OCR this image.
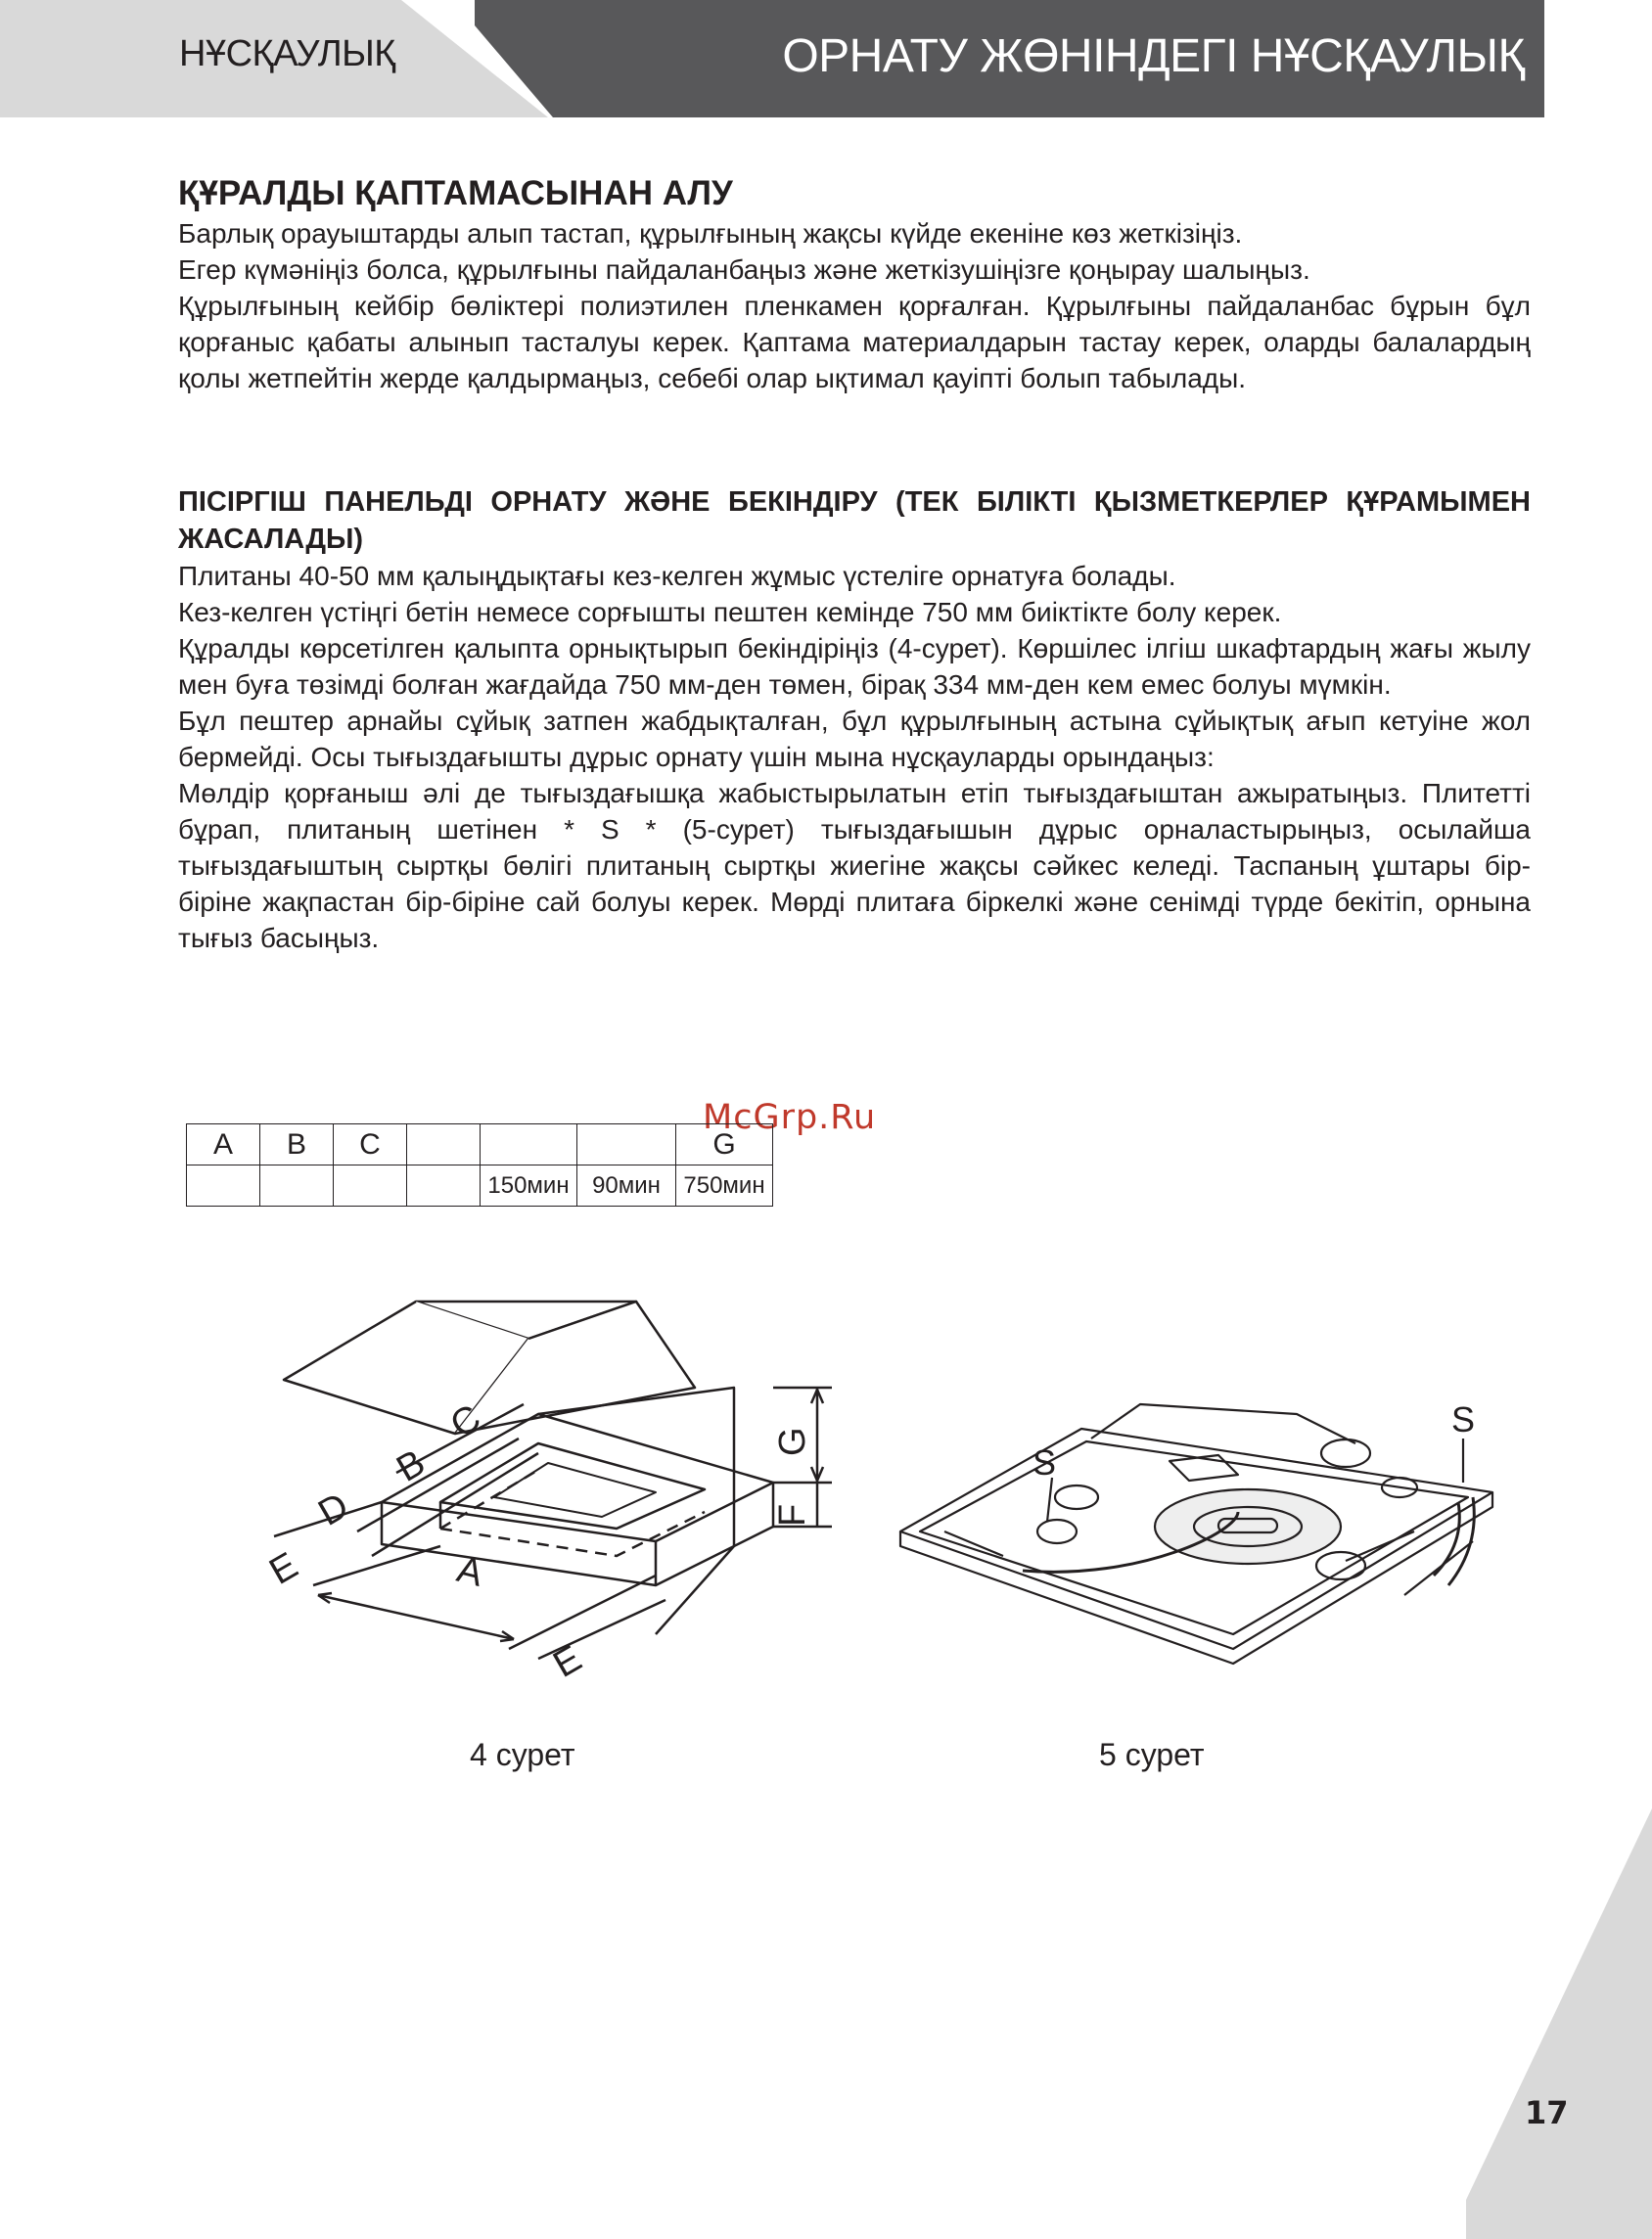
НҰСҚАУЛЫҚ	ОРНАТУ ЖӨНІНДЕГІ НҰСҚАУЛЫҚ

ҚҰРАЛДЫ ҚАПТАМАСЫНАН АЛУ

Барлық орауыштарды алып тастап, құрылғының жақсы күйде екеніне көз жеткізіңіз.

Егер күмәніңіз болса, құрылғыны пайдаланбаңыз және жеткізушіңізге қоңырау шалыңыз.

Құрылғының кейбір бөліктері полиэтилен пленкамен қорғалған. Құрылғыны пайдаланбас бұрын бұл қорғаныс қабаты алынып тасталуы керек. Қаптама материалдарын тастау керек, оларды балалардың қолы жетпейтін жерде қалдырмаңыз, себебі олар ықтимал қауіпті болып табылады.

ПІСІРГІШ ПАНЕЛЬДІ ОРНАТУ ЖӘНЕ БЕКІНДІРУ (ТЕК БІЛІКТІ ҚЫЗМЕТКЕРЛЕР ҚҰРАМЫМЕН ЖАСАЛАДЫ)

Плитаны 40-50 мм қалыңдықтағы кез-келген жұмыс үстеліге орнатуға болады.

Кез-келген үстіңгі бетін немесе сорғышты пештен кемінде 750 мм биіктікте болу керек.

Құралды көрсетілген қалыпта орнықтырып бекіндіріңіз (4-сурет). Көршілес ілгіш шкафтардың жағы жылу мен буға төзімді болған жағдайда 750 мм-ден төмен, бірақ 334 мм-ден кем емес болуы мүмкін.

Бұл пештер арнайы сұйық затпен жабдықталған, бұл құрылғының астына сұйықтық ағып кетуіне жол бермейді. Осы тығыздағышты дұрыс орнату үшін мына нұсқауларды орындаңыз:

Мөлдір қорғаныш әлі де тығыздағышқа жабыстырылатын етіп тығыздағыштан ажыратыңыз. Плитетті бұрап, плитаның шетінен * S * (5-сурет) тығыздағышын дұрыс орналастырыңыз, осылайша тығыздағыштың сыртқы бөлігі плитаның сыртқы жиегіне жақсы сәйкес келеді. Таспаның ұштары бір-біріне жақпастан бір-біріне сай болуы керек. Мөрді плитаға біркелкі және сенімді түрде бекітіп, орнына тығыз басыңыз.

McGrp.Ru
A	B	C				G
				150мин	90мин	750мин
A
B
C
D
E
E
F
G
4 сурет
S
S
5 сурет
17
